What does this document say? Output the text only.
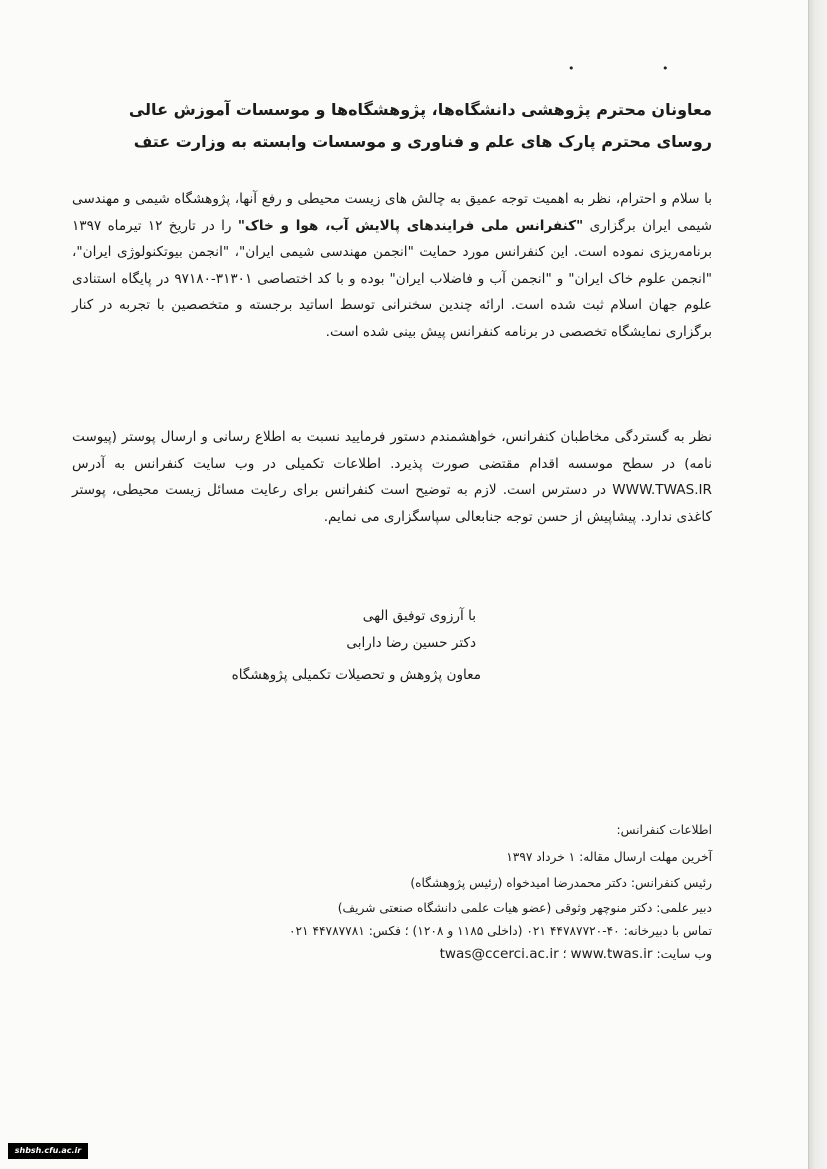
• •
معاونان محترم پژوهشی دانشگاه‌ها، پژوهشگاه‌ها و موسسات آموزش عالی
روسای محترم پارک های علم و فناوری و موسسات وابسته به وزارت عتف
با سلام و احترام، نظر به اهمیت توجه عمیق به چالش های زیست محیطی و رفع آنها، پژوهشگاه شیمی و مهندسی شیمی ایران برگزاری "کنفرانس ملی فرایندهای پالایش آب، هوا و خاک" را در تاریخ ۱۲ تیرماه ۱۳۹۷ برنامه‌ریزی نموده است. این کنفرانس مورد حمایت "انجمن مهندسی شیمی ایران"، "انجمن بیوتکنولوژی ایران"، "انجمن علوم خاک ایران" و "انجمن آب و فاضلاب ایران" بوده و با کد اختصاصی ۳۱۳۰۱-۹۷۱۸۰ در پایگاه استنادی علوم جهان اسلام ثبت شده است. ارائه چندین سخنرانی توسط اساتید برجسته و متخصصین با تجربه در کنار برگزاری نمایشگاه تخصصی در برنامه کنفرانس پیش بینی شده است.
نظر به گستردگی مخاطبان کنفرانس، خواهشمندم دستور فرمایید نسبت به اطلاع رسانی و ارسال پوستر (پیوست نامه) در سطح موسسه اقدام مقتضی صورت پذیرد. اطلاعات تکمیلی در وب سایت کنفرانس به آدرس WWW.TWAS.IR در دسترس است. لازم به توضیح است کنفرانس برای رعایت مسائل زیست محیطی، پوستر کاغذی ندارد. پیشاپیش از حسن توجه جنابعالی سپاسگزاری می نمایم.
با آرزوی توفیق الهی
دکتر حسین رضا دارابی
معاون پژوهش و تحصیلات تکمیلی پژوهشگاه
اطلاعات کنفرانس:
آخرین مهلت ارسال مقاله: ۱ خرداد ۱۳۹۷
رئیس کنفرانس: دکتر محمدرضا امیدخواه (رئیس پژوهشگاه)
دبیر علمی: دکتر منوچهر وثوقی (عضو هیات علمی دانشگاه صنعتی شریف)
تماس با دبیرخانه: ۴۰-۴۴۷۸۷۷۲۰ ۰۲۱ (داخلی ۱۱۸۵ و ۱۲۰۸) ؛ فکس: ۴۴۷۸۷۷۸۱ ۰۲۱
وب سایت: www.twas.ir ؛ twas@ccerci.ac.ir
shbsh.cfu.ac.ir
